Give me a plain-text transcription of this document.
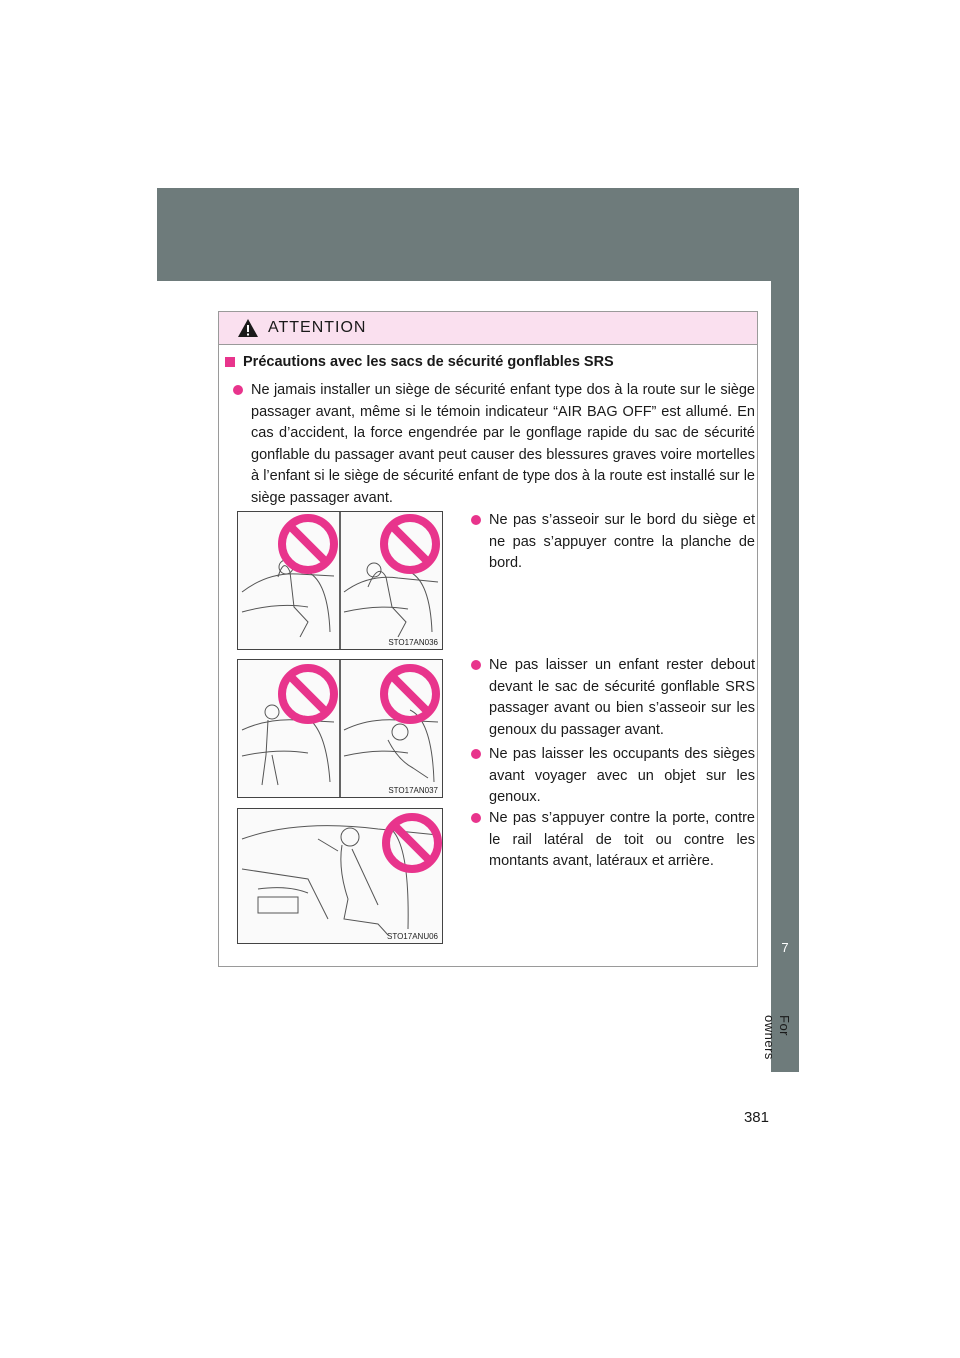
7
For owners
381
ATTENTION
Précautions avec les sacs de sécurité gonflables SRS
Ne jamais installer un siège de sécurité enfant type dos à la route sur le siège passager avant, même si le témoin indicateur “AIR BAG OFF” est allumé. En cas d’accident, la force engendrée par le gonflage rapide du sac de sécurité gonflable du passager avant peut causer des blessures graves voire mortelles à l’enfant si le siège de sécurité enfant de type dos à la route est installé sur le siège passager avant.
STO17AN036
Ne pas s’asseoir sur le bord du siège et ne pas s’appuyer contre la planche de bord.
STO17AN037
Ne pas laisser un enfant rester debout devant le sac de sécurité gonflable SRS passager avant ou bien s’asseoir sur les genoux du passager avant.
Ne pas laisser les occupants des sièges avant voyager avec un objet sur les genoux.
STO17ANU06
Ne pas s’appuyer contre la porte, contre le rail latéral de toit ou contre les montants avant, latéraux et arrière.
